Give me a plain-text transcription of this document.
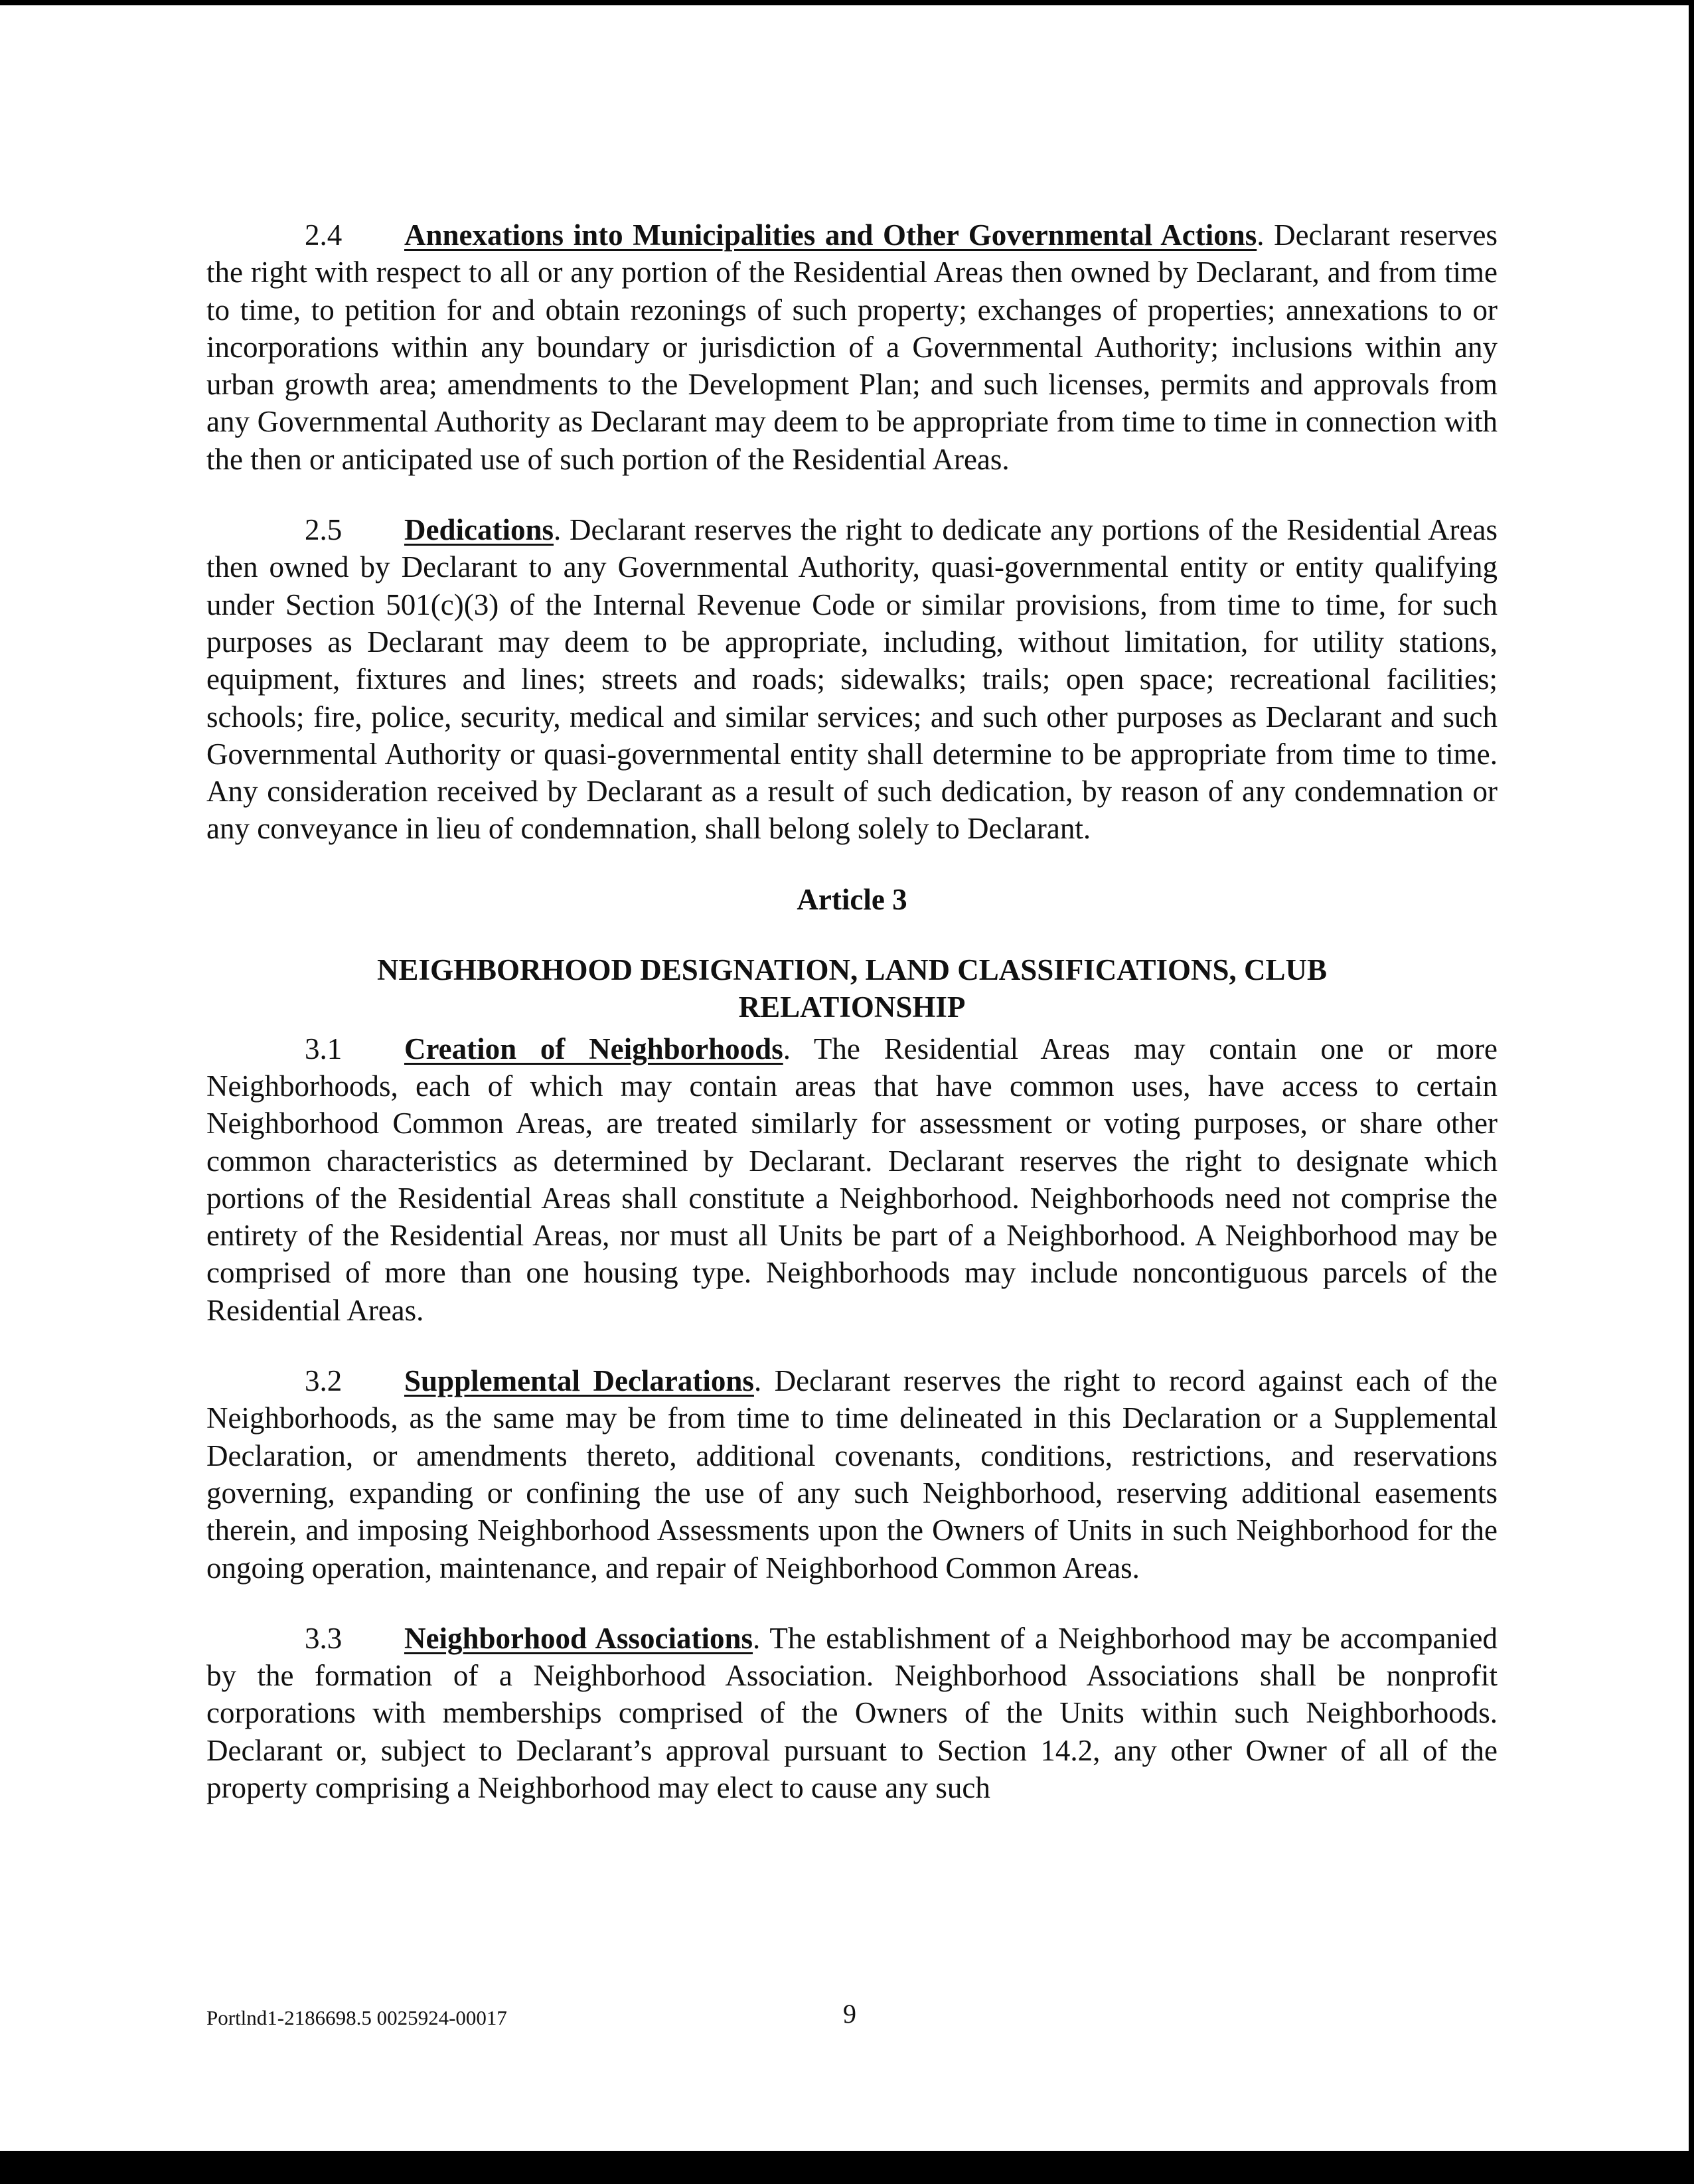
2.4 Annexations into Municipalities and Other Governmental Actions. Declarant reserves the right with respect to all or any portion of the Residential Areas then owned by Declarant, and from time to time, to petition for and obtain rezonings of such property; exchanges of properties; annexations to or incorporations within any boundary or jurisdiction of a Governmental Authority; inclusions within any urban growth area; amendments to the Development Plan; and such licenses, permits and approvals from any Governmental Authority as Declarant may deem to be appropriate from time to time in connection with the then or anticipated use of such portion of the Residential Areas.

2.5 Dedications. Declarant reserves the right to dedicate any portions of the Residential Areas then owned by Declarant to any Governmental Authority, quasi-governmental entity or entity qualifying under Section 501(c)(3) of the Internal Revenue Code or similar provisions, from time to time, for such purposes as Declarant may deem to be appropriate, including, without limitation, for utility stations, equipment, fixtures and lines; streets and roads; sidewalks; trails; open space; recreational facilities; schools; fire, police, security, medical and similar services; and such other purposes as Declarant and such Governmental Authority or quasi-governmental entity shall determine to be appropriate from time to time. Any consideration received by Declarant as a result of such dedication, by reason of any condemnation or any conveyance in lieu of condemnation, shall belong solely to Declarant.

Article 3
NEIGHBORHOOD DESIGNATION, LAND CLASSIFICATIONS, CLUB RELATIONSHIP

3.1 Creation of Neighborhoods. The Residential Areas may contain one or more Neighborhoods, each of which may contain areas that have common uses, have access to certain Neighborhood Common Areas, are treated similarly for assessment or voting purposes, or share other common characteristics as determined by Declarant. Declarant reserves the right to designate which portions of the Residential Areas shall constitute a Neighborhood. Neighborhoods need not comprise the entirety of the Residential Areas, nor must all Units be part of a Neighborhood. A Neighborhood may be comprised of more than one housing type. Neighborhoods may include noncontiguous parcels of the Residential Areas.

3.2 Supplemental Declarations. Declarant reserves the right to record against each of the Neighborhoods, as the same may be from time to time delineated in this Declaration or a Supplemental Declaration, or amendments thereto, additional covenants, conditions, restrictions, and reservations governing, expanding or confining the use of any such Neighborhood, reserving additional easements therein, and imposing Neighborhood Assessments upon the Owners of Units in such Neighborhood for the ongoing operation, maintenance, and repair of Neighborhood Common Areas.

3.3 Neighborhood Associations. The establishment of a Neighborhood may be accompanied by the formation of a Neighborhood Association. Neighborhood Associations shall be nonprofit corporations with memberships comprised of the Owners of the Units within such Neighborhoods. Declarant or, subject to Declarant’s approval pursuant to Section 14.2, any other Owner of all of the property comprising a Neighborhood may elect to cause any such

Portlnd1-2186698.5 0025924-00017	9
